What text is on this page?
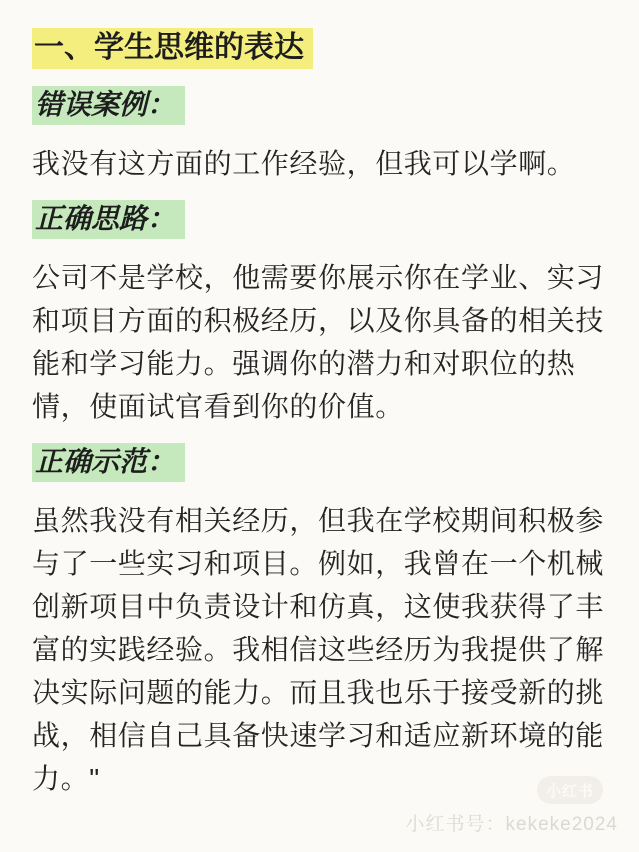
一、学生思维的表达
错误案例：

我没有这方面的工作经验，但我可以学啊。

正确思路：

公司不是学校，他需要你展示你在学业、实习和项目方面的积极经历，以及你具备的相关技能和学习能力。强调你的潜力和对职位的热情，使面试官看到你的价值。

正确示范：

虽然我没有相关经历，但我在学校期间积极参与了一些实习和项目。例如，我曾在一个机械创新项目中负责设计和仿真，这使我获得了丰富的实践经验。我相信这些经历为我提供了解决实际问题的能力。而且我也乐于接受新的挑战，相信自己具备快速学习和适应新环境的能力。"	小红书
小红书号：kekeke2024
